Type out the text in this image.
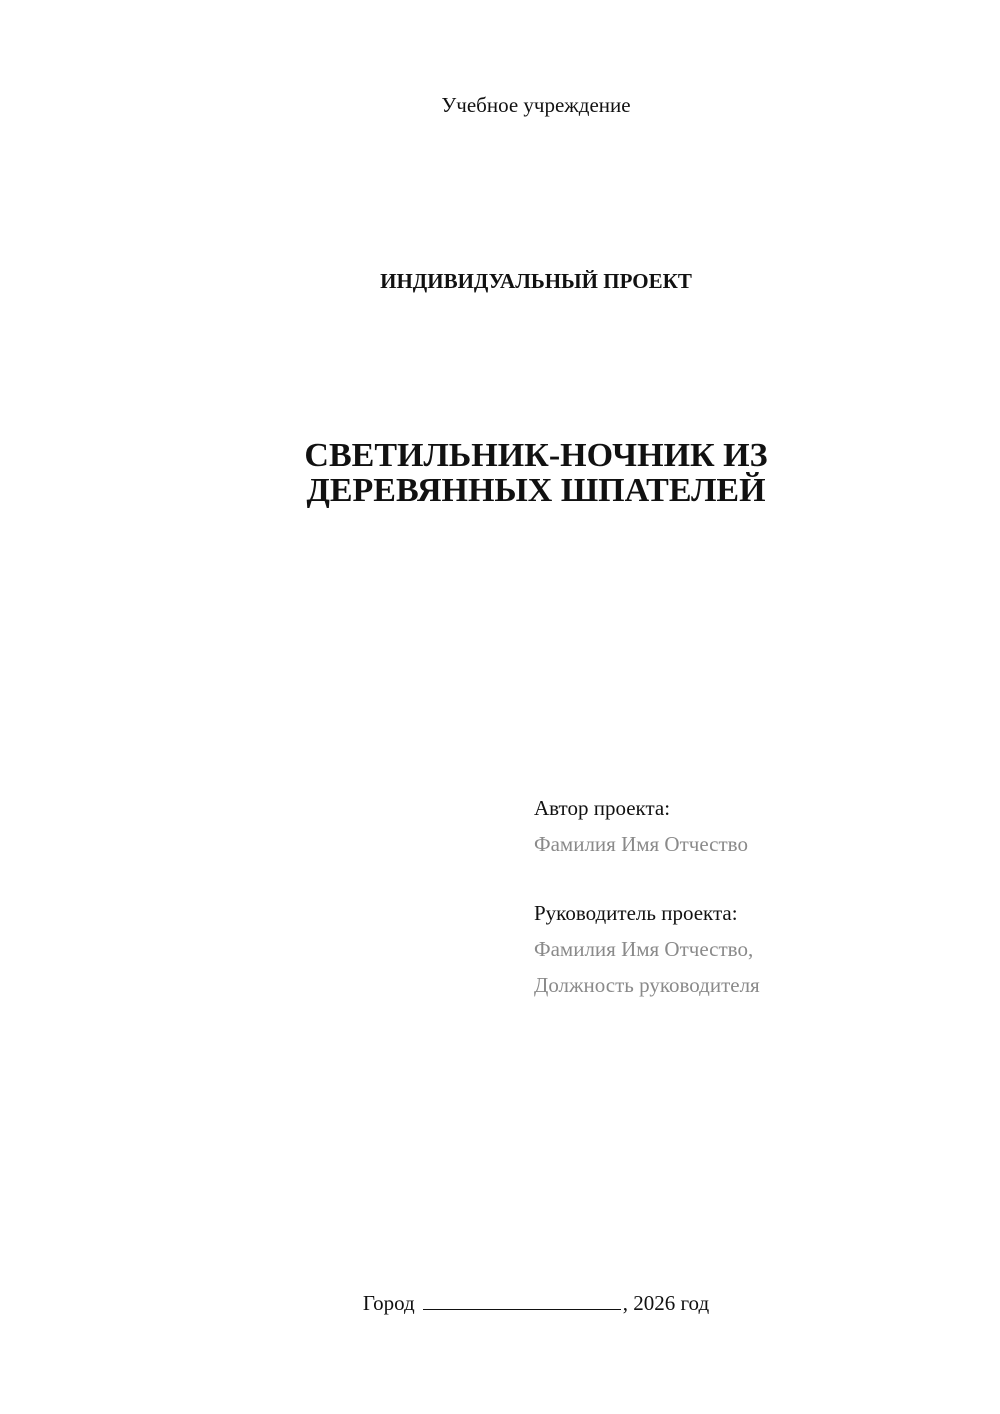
Учебное учреждение
ИНДИВИДУАЛЬНЫЙ ПРОЕКТ
СВЕТИЛЬНИК-НОЧНИК ИЗ
ДЕРЕВЯННЫХ ШПАТЕЛЕЙ
Автор проекта:
Фамилия Имя Отчество
Руководитель проекта:
Фамилия Имя Отчество,
Должность руководителя
Город	, 2026 год
